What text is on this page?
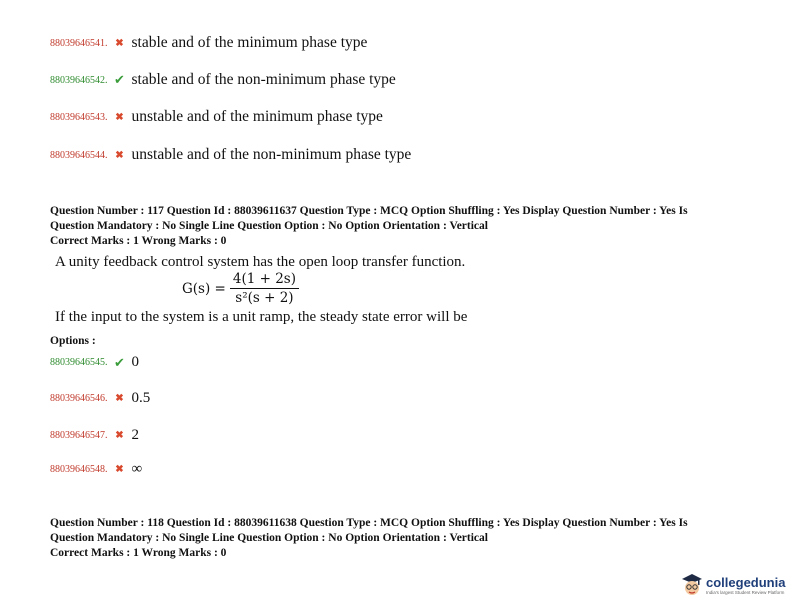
88039646541. ✖ stable and of the minimum phase type
88039646542. ✔ stable and of the non-minimum phase type
88039646543. ✖ unstable and of the minimum phase type
88039646544. ✖ unstable and of the non-minimum phase type
Question Number : 117 Question Id : 88039611637 Question Type : MCQ Option Shuffling : Yes Display Question Number : Yes Is
Question Mandatory : No Single Line Question Option : No Option Orientation : Vertical
Correct Marks : 1 Wrong Marks : 0
A unity feedback control system has the open loop transfer function.
$G(s) = \frac{4(1 + 2s)}{\text{s²(s + 2)}}$
If the input to the system is a unit ramp, the steady state error will be
Options :
88039646545. ✔ 0
88039646546. ✖ 0.5
88039646547. ✖ 2
88039646548. ✖ ∞
Question Number : 118 Question Id : 88039611638 Question Type : MCQ Option Shuffling : Yes Display Question Number : Yes Is
Question Mandatory : No Single Line Question Option : No Option Orientation : Vertical
Correct Marks : 1 Wrong Marks : 0
collegedunia
India's largest Student Review Platform
